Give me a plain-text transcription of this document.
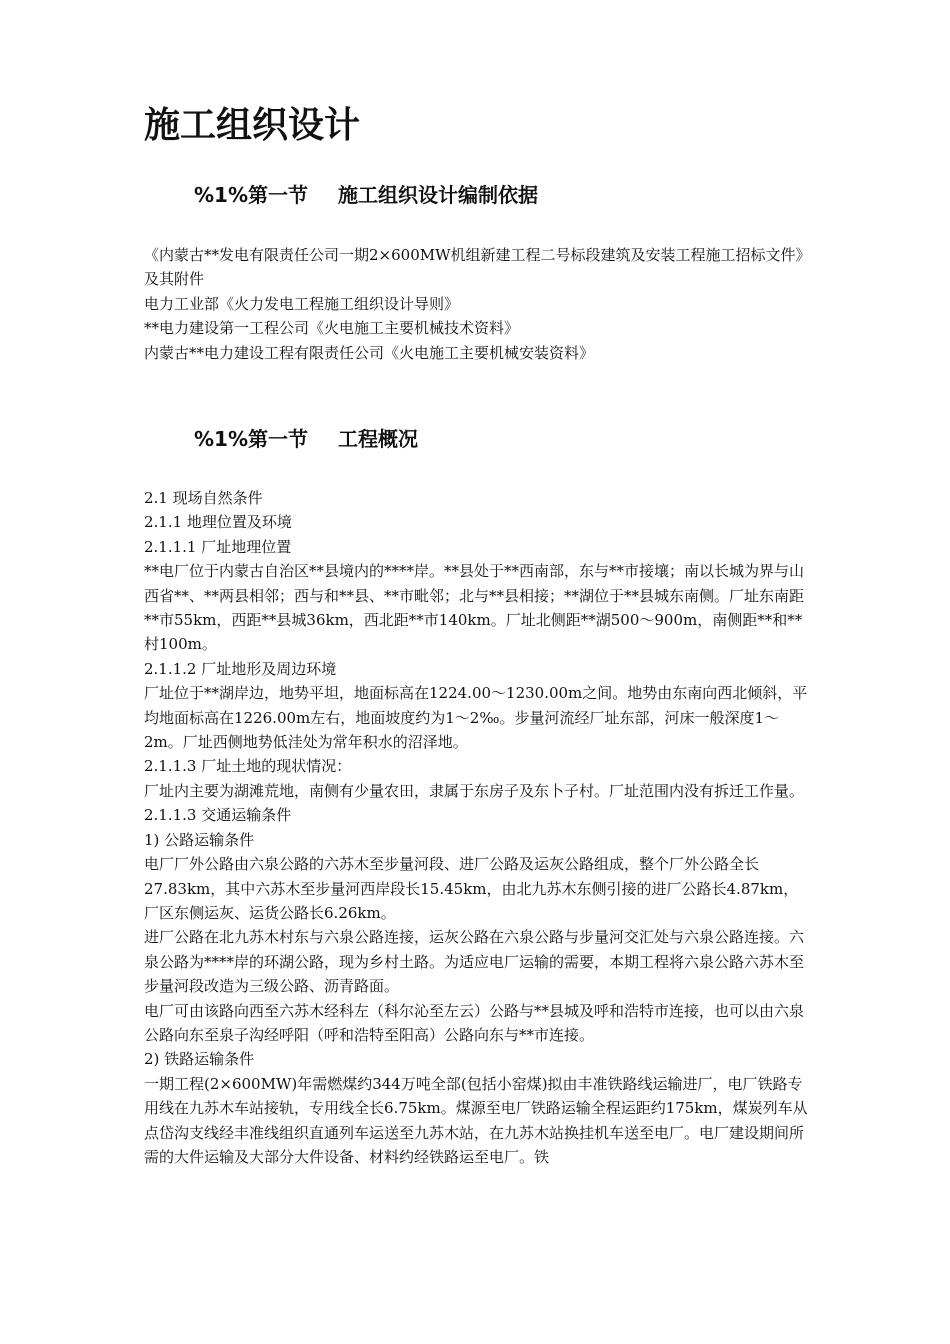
施工组织设计
%1%第一节 施工组织设计编制依据

《内蒙古**发电有限责任公司一期2×600MW机组新建工程二号标段建筑及安装工程施工招标文件》及其附件

电力工业部《火力发电工程施工组织设计导则》

**电力建设第一工程公司《火电施工主要机械技术资料》

内蒙古**电力建设工程有限责任公司《火电施工主要机械安装资料》

%1%第一节 工程概况

2.1 现场自然条件

2.1.1 地理位置及环境

2.1.1.1 厂址地理位置

**电厂位于内蒙古自治区**县境内的****岸。**县处于**西南部，东与**市接壤；南以长城为界与山西省**、**两县相邻；西与和**县、**市毗邻；北与**县相接；**湖位于**县城东南侧。厂址东南距**市55km，西距**县城36km，西北距**市140km。厂址北侧距**湖500～900m，南侧距**和**村100m。

2.1.1.2 厂址地形及周边环境

厂址位于**湖岸边，地势平坦，地面标高在1224.00～1230.00m之间。地势由东南向西北倾斜，平均地面标高在1226.00m左右，地面坡度约为1～2‰。步量河流经厂址东部，河床一般深度1～2m。厂址西侧地势低洼处为常年积水的沼泽地。

2.1.1.3 厂址土地的现状情况：

厂址内主要为湖滩荒地，南侧有少量农田，隶属于东房子及东卜子村。厂址范围内没有拆迁工作量。

2.1.1.3 交通运输条件

1) 公路运输条件

电厂厂外公路由六泉公路的六苏木至步量河段、进厂公路及运灰公路组成，整个厂外公路全长27.83km，其中六苏木至步量河西岸段长15.45km，由北九苏木东侧引接的进厂公路长4.87km，厂区东侧运灰、运货公路长6.26km。

进厂公路在北九苏木村东与六泉公路连接，运灰公路在六泉公路与步量河交汇处与六泉公路连接。六泉公路为****岸的环湖公路，现为乡村土路。为适应电厂运输的需要，本期工程将六泉公路六苏木至步量河段改造为三级公路、沥青路面。

电厂可由该路向西至六苏木经科左（科尔沁至左云）公路与**县城及呼和浩特市连接，也可以由六泉公路向东至泉子沟经呼阳（呼和浩特至阳高）公路向东与**市连接。

2) 铁路运输条件

一期工程(2×600MW)年需燃煤约344万吨全部(包括小窑煤)拟由丰准铁路线运输进厂，电厂铁路专用线在九苏木车站接轨，专用线全长6.75km。煤源至电厂铁路运输全程运距约175km，煤炭列车从点岱沟支线经丰准线组织直通列车运送至九苏木站，在九苏木站换挂机车送至电厂。电厂建设期间所需的大件运输及大部分大件设备、材料约经铁路运至电厂。铁
